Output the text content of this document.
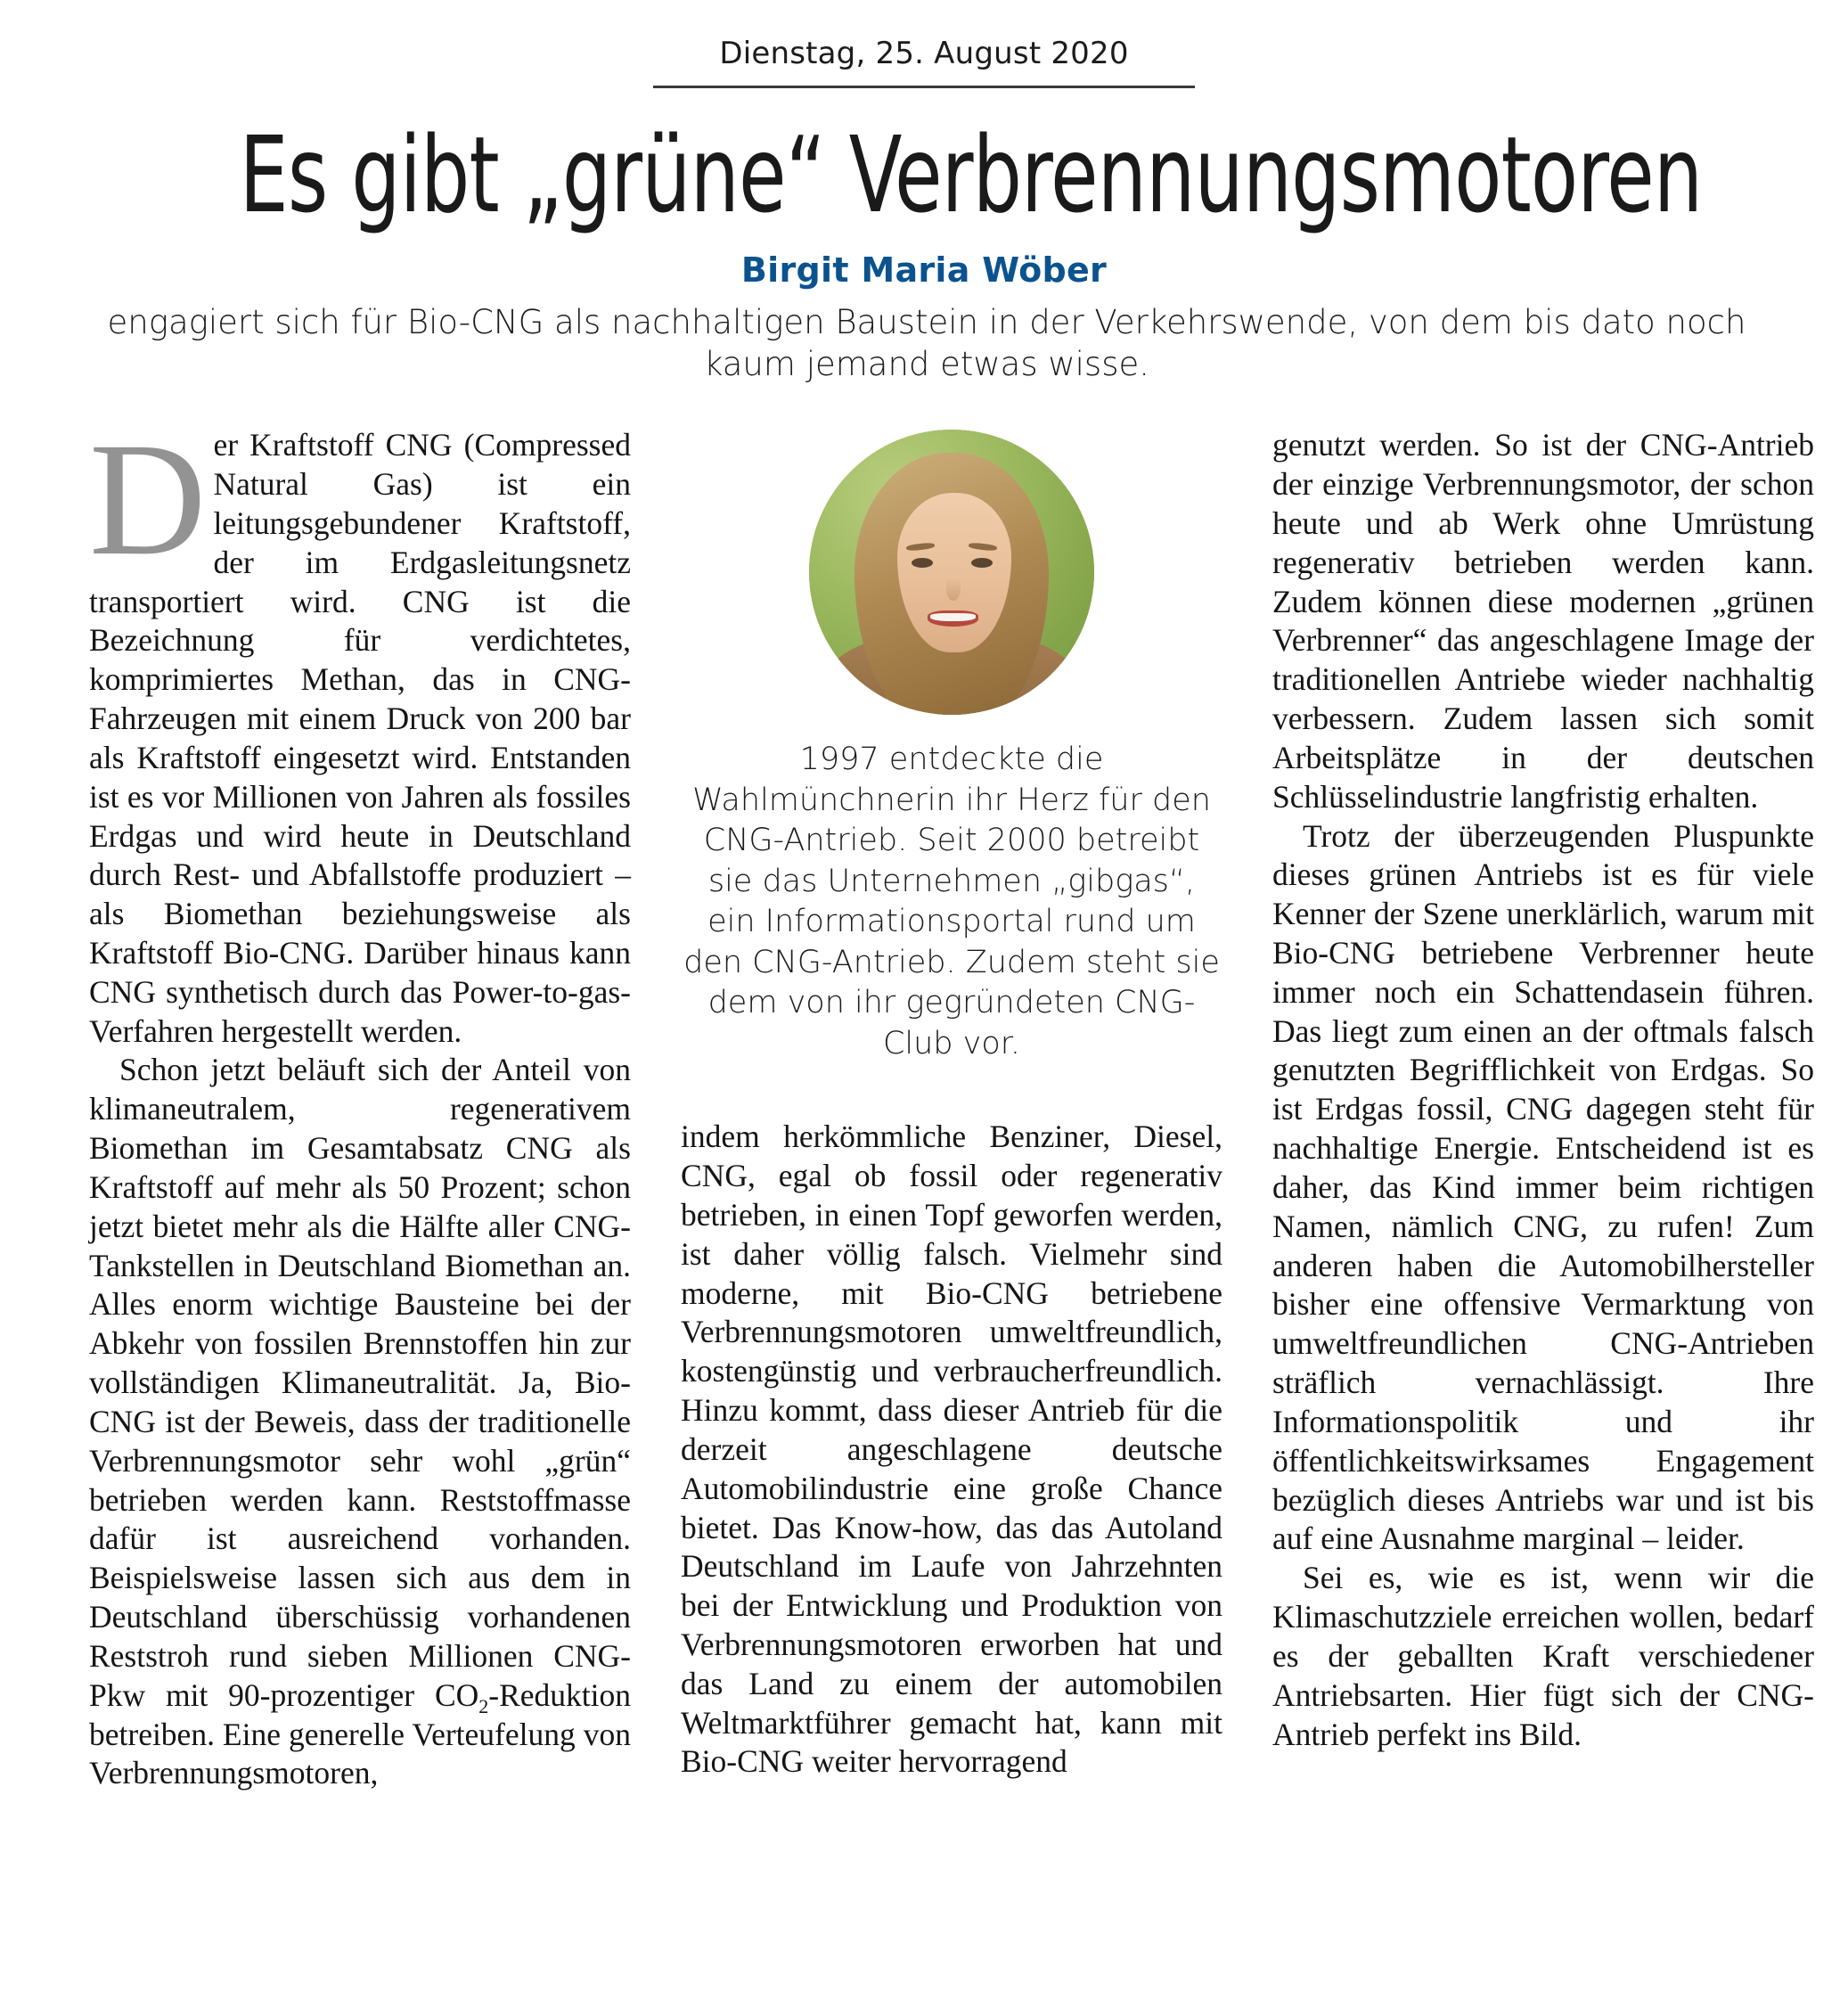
Dienstag, 25. August 2020
Es gibt „grüne“ Verbrennungsmotoren
Birgit Maria Wöber
engagiert sich für Bio-CNG als nachhaltigen Baustein in der Verkehrswende, von dem bis dato noch kaum jemand etwas wisse.

Der Kraftstoff CNG (Compressed Natural Gas) ist ein leitungsgebundener Kraftstoff, der im Erdgasleitungsnetz transportiert wird. CNG ist die Bezeichnung für verdichtetes, komprimiertes Methan, das in CNG-Fahrzeugen mit einem Druck von 200 bar als Kraftstoff eingesetzt wird. Entstanden ist es vor Millionen von Jahren als fossiles Erdgas und wird heute in Deutschland durch Rest- und Abfallstoffe produziert – als Biomethan beziehungsweise als Kraftstoff Bio-CNG. Darüber hinaus kann CNG synthetisch durch das Power-to-gas-Verfahren hergestellt werden.

Schon jetzt beläuft sich der Anteil von klimaneutralem, regenerativem Biomethan im Gesamtabsatz CNG als Kraftstoff auf mehr als 50 Prozent; schon jetzt bietet mehr als die Hälfte aller CNG-Tankstellen in Deutschland Biomethan an. Alles enorm wichtige Bausteine bei der Abkehr von fossilen Brennstoffen hin zur vollständigen Klimaneutralität. Ja, Bio-CNG ist der Beweis, dass der traditionelle Verbrennungsmotor sehr wohl „grün“ betrieben werden kann. Reststoffmasse dafür ist ausreichend vorhanden. Beispielsweise lassen sich aus dem in Deutschland überschüssig vorhandenen Reststroh rund sieben Millionen CNG-Pkw mit 90-prozentiger $CO_2$-Reduktion betreiben. Eine generelle Verteufelung von Verbrennungsmotoren,

1997 entdeckte die Wahlmünchnerin ihr Herz für den CNG-Antrieb. Seit 2000 betreibt sie das Unternehmen „gibgas“, ein Informationsportal rund um den CNG-Antrieb. Zudem steht sie dem von ihr gegründeten CNG-Club vor.

indem herkömmliche Benziner, Diesel, CNG, egal ob fossil oder regenerativ betrieben, in einen Topf geworfen werden, ist daher völlig falsch. Vielmehr sind moderne, mit Bio-CNG betriebene Verbrennungsmotoren umweltfreundlich, kostengünstig und verbraucherfreundlich. Hinzu kommt, dass dieser Antrieb für die derzeit angeschlagene deutsche Automobilindustrie eine große Chance bietet. Das Know-how, das das Autoland Deutschland im Laufe von Jahrzehnten bei der Entwicklung und Produktion von Verbrennungsmotoren erworben hat und das Land zu einem der automobilen Weltmarktführer gemacht hat, kann mit Bio-CNG weiter hervorragend

genutzt werden. So ist der CNG-Antrieb der einzige Verbrennungsmotor, der schon heute und ab Werk ohne Umrüstung regenerativ betrieben werden kann. Zudem können diese modernen „grünen Verbrenner“ das angeschlagene Image der traditionellen Antriebe wieder nachhaltig verbessern. Zudem lassen sich somit Arbeitsplätze in der deutschen Schlüsselindustrie langfristig erhalten.

Trotz der überzeugenden Pluspunkte dieses grünen Antriebs ist es für viele Kenner der Szene unerklärlich, warum mit Bio-CNG betriebene Verbrenner heute immer noch ein Schattendasein führen. Das liegt zum einen an der oftmals falsch genutzten Begrifflichkeit von Erdgas. So ist Erdgas fossil, CNG dagegen steht für nachhaltige Energie. Entscheidend ist es daher, das Kind immer beim richtigen Namen, nämlich CNG, zu rufen! Zum anderen haben die Automobilhersteller bisher eine offensive Vermarktung von umweltfreundlichen CNG-Antrieben sträflich vernachlässigt. Ihre Informationspolitik und ihr öffentlichkeitswirksames Engagement bezüglich dieses Antriebs war und ist bis auf eine Ausnahme marginal – leider.

Sei es, wie es ist, wenn wir die Klimaschutzziele erreichen wollen, bedarf es der geballten Kraft verschiedener Antriebsarten. Hier fügt sich der CNG-Antrieb perfekt ins Bild.
